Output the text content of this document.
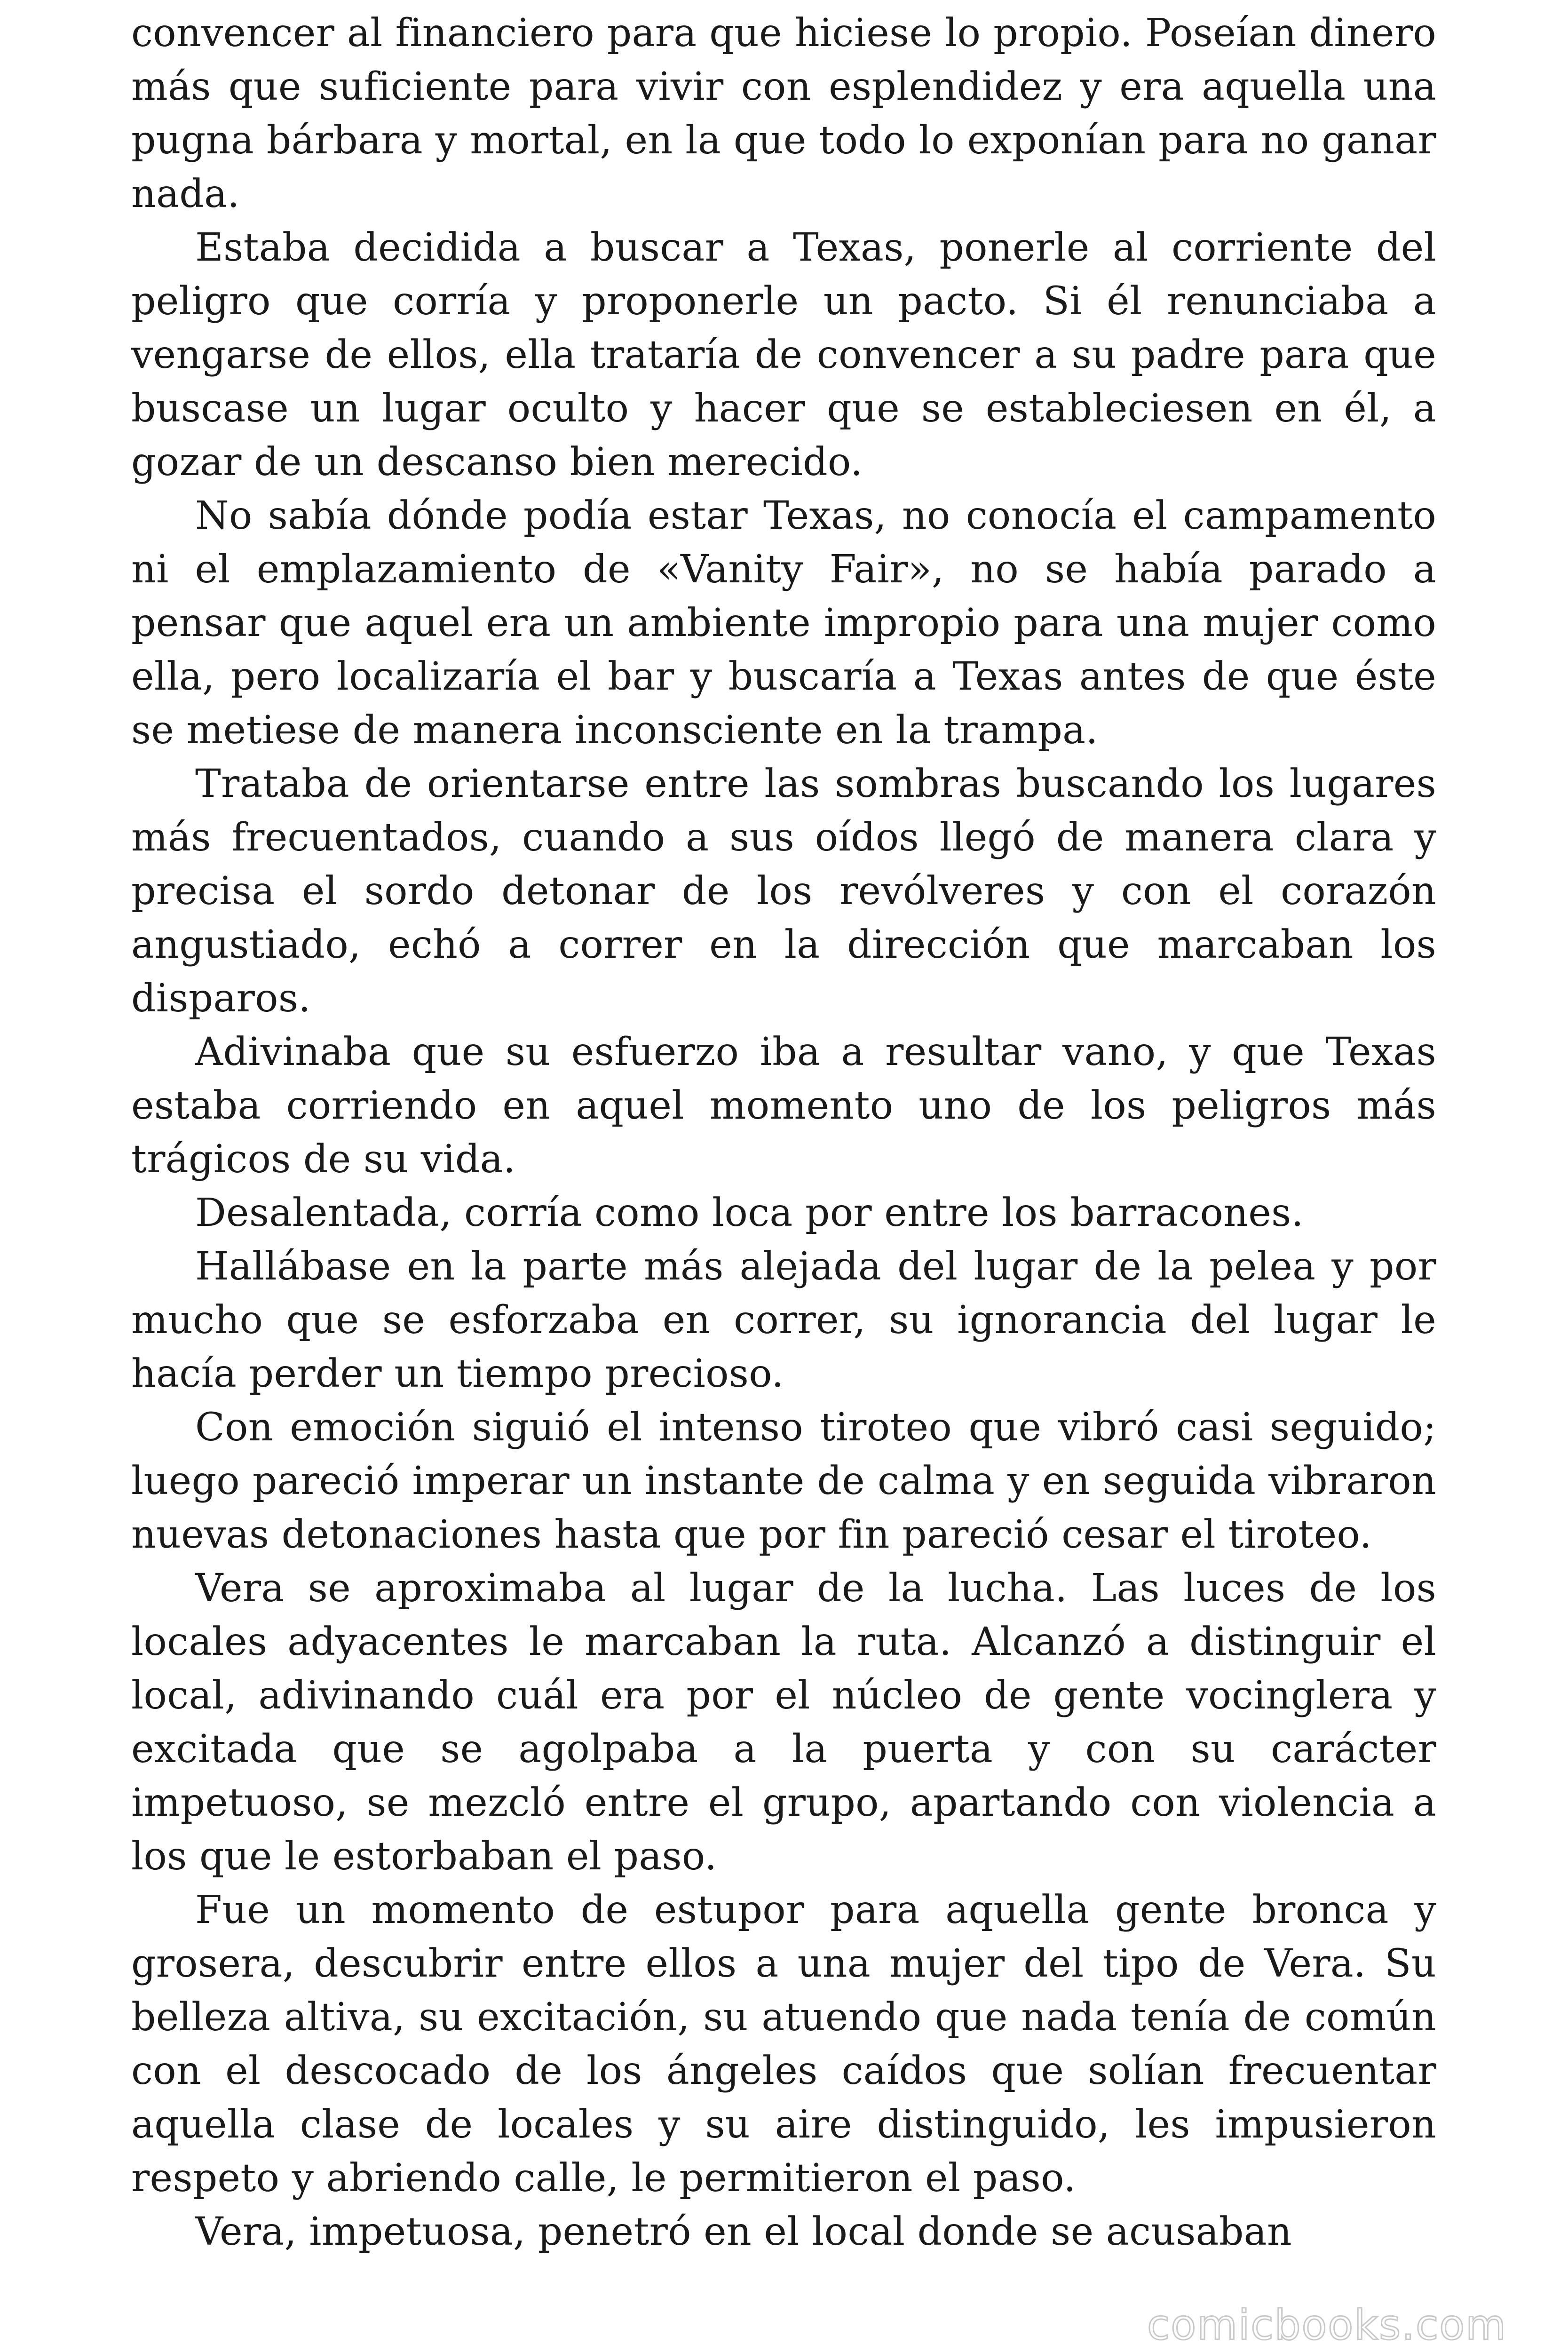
convencer al financiero para que hiciese lo propio. Poseían dinero más que suficiente para vivir con esplendidez y era aquella una pugna bárbara y mortal, en la que todo lo exponían para no ganar nada.

Estaba decidida a buscar a Texas, ponerle al corriente del peligro que corría y proponerle un pacto. Si él renunciaba a vengarse de ellos, ella trataría de convencer a su padre para que buscase un lugar oculto y hacer que se estableciesen en él, a gozar de un descanso bien merecido.

No sabía dónde podía estar Texas, no conocía el campamento ni el emplazamiento de «Vanity Fair», no se había parado a pensar que aquel era un ambiente impropio para una mujer como ella, pero localizaría el bar y buscaría a Texas antes de que éste se metiese de manera inconsciente en la trampa.

Trataba de orientarse entre las sombras buscando los lugares más frecuentados, cuando a sus oídos llegó de manera clara y precisa el sordo detonar de los revólveres y con el corazón angustiado, echó a correr en la dirección que marcaban los disparos.

Adivinaba que su esfuerzo iba a resultar vano, y que Texas estaba corriendo en aquel momento uno de los peligros más trágicos de su vida.

Desalentada, corría como loca por entre los barracones.

Hallábase en la parte más alejada del lugar de la pelea y por mucho que se esforzaba en correr, su ignorancia del lugar le hacía perder un tiempo precioso.

Con emoción siguió el intenso tiroteo que vibró casi seguido; luego pareció imperar un instante de calma y en seguida vibraron nuevas detonaciones hasta que por fin pareció cesar el tiroteo.

Vera se aproximaba al lugar de la lucha. Las luces de los locales adyacentes le marcaban la ruta. Alcanzó a distinguir el local, adivinando cuál era por el núcleo de gente vocinglera y excitada que se agolpaba a la puerta y con su carácter impetuoso, se mezcló entre el grupo, apartando con violencia a los que le estorbaban el paso.

Fue un momento de estupor para aquella gente bronca y grosera, descubrir entre ellos a una mujer del tipo de Vera. Su belleza altiva, su excitación, su atuendo que nada tenía de común con el descocado de los ángeles caídos que solían frecuentar aquella clase de locales y su aire distinguido, les impusieron respeto y abriendo calle, le permitieron el paso.

Vera, impetuosa, penetró en el local donde se acusaban

comicbooks.com
